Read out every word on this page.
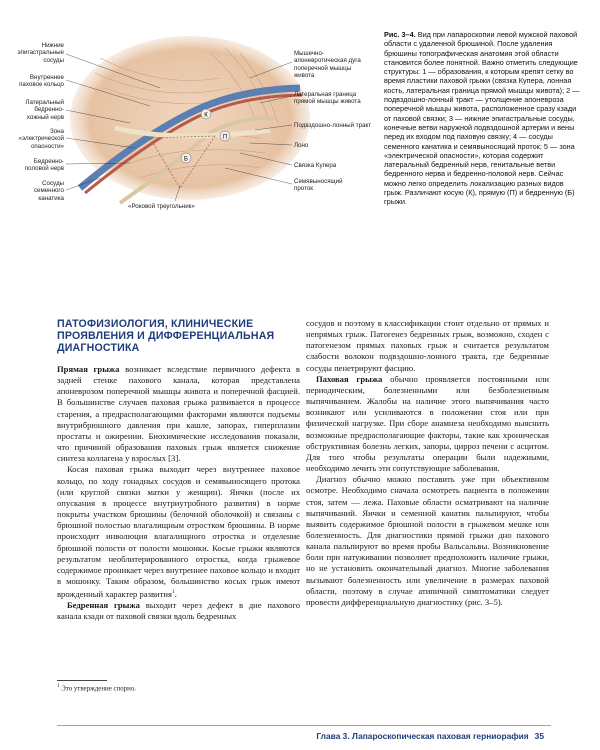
К
П
Б
Нижние
эпигастральные
сосуды
Внутреннее
паховое кольцо
Латеральный
бедренно-
кожный нерв
Зона
«электрической
опасности»
Бедренно-
половой нерв
Сосуды
семенного
канатика
Мышечно-
апоневротическая дуга
поперечной мышцы
живота
Латеральная граница
прямой мышцы живота
Подвздошно-лонный тракт
Лоно
Связка Купера
Семявыносящий
проток
«Роковой треугольник»
Рис. 3–4. Вид при лапароскопии левой мужской паховой области с удаленной брюшиной. После удаления брюшины топографическая анатомия этой области становится более понятной. Важно отметить следующие структуры: 1 — образования, к которым крепят сетку во время пластики паховой грыжи (связка Купера, лонная кость, латеральная граница прямой мышцы живота); 2 — подвздошно-лонный тракт — утолщение апоневроза поперечной мышцы живота, расположенное сразу кзади от паховой связки; 3 — нижние эпигастральные сосуды, конечные ветви наружной подвздошной артерии и вены перед их входом под паховую связку; 4 — сосуды семенного канатика и семявыносящий проток; 5 — зона «электрической опасности», которая содержит латеральный бедренный нерв, генитальные ветви бедренного нерва и бедренно-половой нерв. Сейчас можно легко определить локализацию разных видов грыж. Различают косую (К), прямую (П) и бедренную (Б) грыжи.
ПАТОФИЗИОЛОГИЯ, КЛИНИЧЕСКИЕ ПРОЯВЛЕНИЯ И ДИФФЕРЕНЦИАЛЬНАЯ ДИАГНОСТИКА

Прямая грыжа возникает вследствие первичного дефекта в задней стенке пахового канала, которая представлена апоневрозом поперечной мышцы живота и поперечной фасцией. В большинстве случаев паховая грыжа развивается в процессе старения, а предрасполагающими факторами являются подъемы внутрибрюшного давления при кашле, запорах, гиперплазии простаты и ожирении. Биохимические исследования показали, что причиной образования паховых грыж является снижение синтеза коллагена у взрослых [3].

Косая паховая грыжа выходит через внутреннее паховое кольцо, по ходу гонадных сосудов и семявыносящего протока (или круглой связки матки у женщин). Яички (после их опускания в процессе внутриутробного развития) в норме покрыты участком брюшины (белочной оболочкой) и связаны с брюшной полостью влагалищным отростком брюшины. В норме происходит инволюция влагалищного отростка и отделение брюшной полости от полости мошонки. Косые грыжи являются результатом необлитерированного отростка, когда грыжевое содержимое проникает через внутреннее паховое кольцо и входит в мошонку. Таким образом, большинство косых грыж имеют врожденный характер развития$^1$.

Бедренная грыжа выходит через дефект в дне пахового канала кзади от паховой связки вдоль бедренных

сосудов и поэтому в классификации стоит отдельно от прямых и непрямых грыж. Патогенез бедренных грыж, возможно, сходен с патогенезом прямых паховых грыж и считается результатом слабости волокон подвздошно-лонного тракта, где бедренные сосуды пенетрируют фасцию.

Паховая грыжа обычно проявляется постоянными или периодическим, болезненными или безболезненным выпячиванием. Жалобы на наличие этого выпячивания часто возникают или усиливаются в положении стоя или при физической нагрузке. При сборе анамнеза необходимо выяснить возможные предрасполагающие факторы, такие как хроническая обструктивная болезнь легких, запоры, цирроз печени с асцитом. Для того чтобы результаты операции были надежными, необходимо лечить эти сопутствующие заболевания.

Диагноз обычно можно поставить уже при объективном осмотре. Необходимо сначала осмотреть пациента в положении стоя, затем — лежа. Паховые области осматривают на наличие выпячиваний. Яички и семенной канатик пальпируют, чтобы выявить содержимое брюшной полости в грыжевом мешке или болезненность. Для диагностики прямой грыжи дно пахового канала пальпируют во время пробы Вальсальвы. Возникновение боли при натуживании позволяет предположить наличие грыжи, но не установить окончательный диагноз. Многие заболевания вызывают болезненность или увеличение в размерах паховой области, поэтому в случае атипичной симптоматики следует провести дифференциальную диагностику (рис. 3–5).

$^1$ Это утверждение спорно.
Глава 3. Лапароскопическая паховая герниорафия 35
